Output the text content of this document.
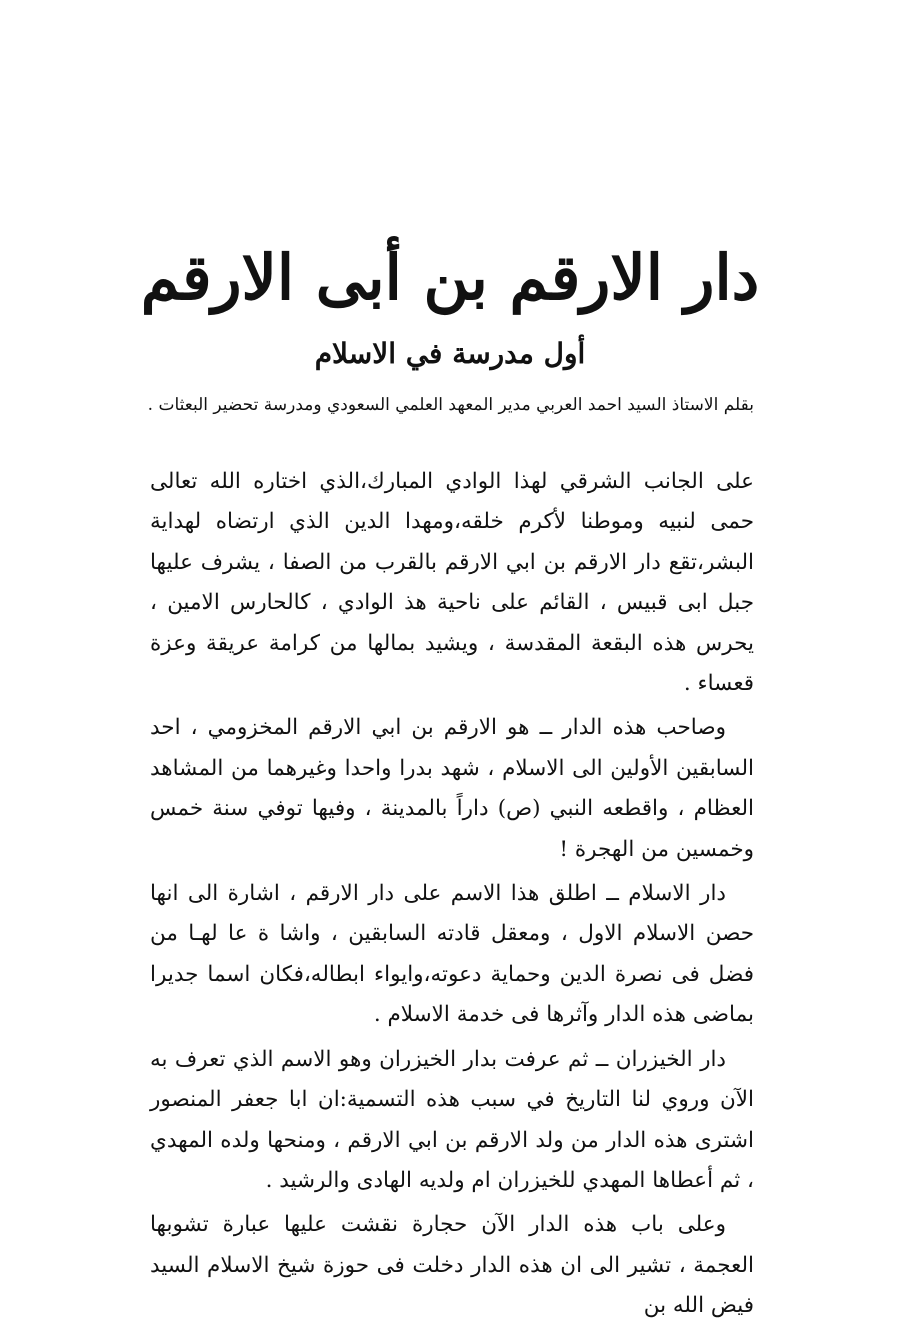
دار الارقم بن أبى الارقم
أول مدرسة في الاسلام
بقلم الاستاذ السيد احمد العربي مدير المعهد العلمي السعودي ومدرسة تحضير البعثات .

على الجانب الشرقي لهذا الوادي المبارك،الذي اختاره الله تعالى حمى لنبيه وموطنا لأكرم خلقه،ومهدا الدين الذي ارتضاه لهداية البشر،تقع دار الارقم بن ابي الارقم بالقرب من الصفا ، يشرف عليها جبل ابى قبيس ، القائم على ناحية هذ الوادي ، كالحارس الامين ، يحرس هذه البقعة المقدسة ، ويشيد بمالها من كرامة عريقة وعزة قعساء .

وصاحب هذه الدار ــ هو الارقم بن ابي الارقم المخزومي ، احد السابقين الأولين الى الاسلام ، شهد بدرا واحدا وغيرهما من المشاهد العظام ، واقطعه النبي (ص) داراً بالمدينة ، وفيها توفي سنة خمس وخمسين من الهجرة !

دار الاسلام ــ اطلق هذا الاسم على دار الارقم ، اشارة الى انها حصن الاسلام الاول ، ومعقل قادته السابقين ، واشا ة عا لهـا من فضل فى نصرة الدين وحماية دعوته،وايواء ابطاله،فكان اسما جديرا بماضى هذه الدار وآثرها فى خدمة الاسلام .

دار الخيزران ــ ثم عرفت بدار الخيزران وهو الاسم الذي تعرف به الآن وروي لنا التاريخ في سبب هذه التسمية:ان ابا جعفر المنصور اشترى هذه الدار من ولد الارقم بن ابي الارقم ، ومنحها ولده المهدي ، ثم أعطاها المهدي للخيزران ام ولديه الهادى والرشيد .

وعلى باب هذه الدار الآن حجارة نقشت عليها عبارة تشوبها العجمة ، تشير الى ان هذه الدار دخلت فى حوزة شيخ الاسلام السيد فيض الله بن
